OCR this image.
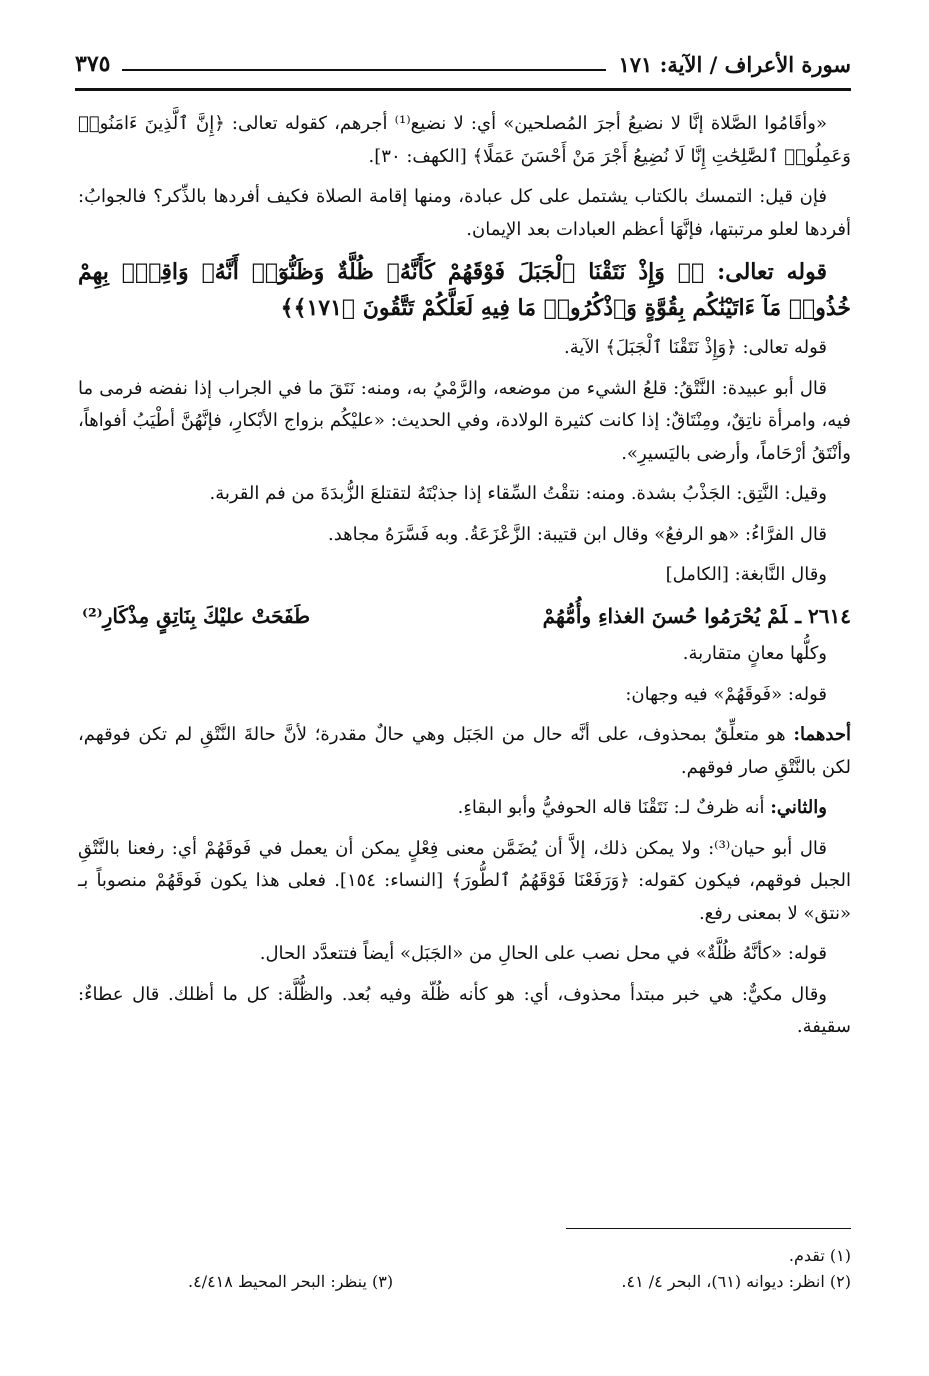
سورة الأعراف / الآية: ١٧١
٣٧٥

«وأقَامُوا الصَّلاة إنَّا لا نضيعُ أجرَ المُصلحين» أي: لا نضيع⁽¹⁾ أجرهم، كقوله تعالى: ﴿إِنَّ ٱلَّذِينَ ءَامَنُوا۟ وَعَمِلُوا۟ ٱلصَّٰلِحَٰتِ إِنَّا لَا نُضِيعُ أَجْرَ مَنْ أَحْسَنَ عَمَلًا﴾ [الكهف: ٣٠].

فإن قيل: التمسك بالكتاب يشتمل على كل عبادة، ومنها إقامة الصلاة فكيف أفردها بالذِّكر؟ فالجوابُ: أفردها لعلو مرتبتها، فإنَّهَا أعظم العبادات بعد الإيمان.

قوله تعالى: ﴿۞ وَإِذْ نَتَقْنَا ٱلْجَبَلَ فَوْقَهُمْ كَأَنَّهُۥ ظُلَّةٌ وَظَنُّوٓا۟ أَنَّهُۥ وَاقِعٌۢ بِهِمْ خُذُوا۟ مَآ ءَاتَيْنَٰكُم بِقُوَّةٍ وَٱذْكُرُوا۟ مَا فِيهِ لَعَلَّكُمْ تَتَّقُونَ ﴿١٧١﴾﴾

قوله تعالى: ﴿وَإِذْ نَتَقْنَا ٱلْجَبَلَ﴾ الآية.

قال أبو عبيدة: النَّتْقُ: قلعُ الشيء من موضعه، والرَّمْيُ به، ومنه: نَتَقَ ما في الجراب إذا نفضه فرمى ما فيه، وامرأة ناتِقٌ، ومِنْتَاقٌ: إذا كانت كثيرة الولادة، وفي الحديث: «عليْكُم بزواج الأبْكارِ، فإنَّهُنَّ أطْيَبُ أفواهاً، وأنْتَقُ أرْحَاماً، وأرضى باليَسيرِ».

وقيل: النَّتِق: الجَذْبُ بشدة. ومنه: نتقْتُ السِّقاء إذا جذبْتَهُ لتقتلعَ الزُّبدَةَ من فم القربة.

قال الفرَّاءُ: «هو الرفعُ» وقال ابن قتيبة: الزَّعْزَعَةُ. وبه فَسَّرَهُ مجاهد.

وقال النَّابغة: [الكامل]

٢٦١٤ ـلَمْ يُحْرَمُوا حُسنَ الغذاءِ وأُمُّهُمْ
طَفَحَتْ عليْكَ بِنَاتِقٍ مِذْكَارِ⁽²⁾

وكلُّها معانٍ متقاربة.

قوله: «فَوقَهُمْ» فيه وجهان:

أحدهما: هو متعلِّقٌ بمحذوف، على أنَّه حال من الجَبَل وهي حالٌ مقدرة؛ لأنَّ حالةَ النَّتْقِ لم تكن فوقهم، لكن بالنَّتْقِ صار فوقهم.

والثاني: أنه ظرفٌ لـ: نَتَقْنَا قاله الحوفيُّ وأبو البقاءِ.

قال أبو حيان⁽³⁾: ولا يمكن ذلك، إلاَّ أن يُضَمَّن معنى فِعْلٍ يمكن أن يعمل في فَوقَهُمْ أي: رفعنا بالنَّتْقِ الجبل فوقهم، فيكون كقوله: ﴿وَرَفَعْنَا فَوْقَهُمُ ٱلطُّورَ﴾ [النساء: ١٥٤]. فعلى هذا يكون فَوقَهُمْ منصوباً بـ «نتق» لا بمعنى رفع.

قوله: «كأنَّهُ ظُلَّةٌ» في محل نصب على الحالِ من «الجَبَل» أيضاً فتتعدَّد الحال.

وقال مكيٌّ: هي خبر مبتدأ محذوف، أي: هو كأنه ظُلّة وفيه بُعد. والظُّلَّة: كل ما أظلك. قال عطاءٌ: سقيفة.

(١) تقدم.
(٢) انظر: ديوانه (٦١)، البحر ٤/ ٤١.
(٣) ينظر: البحر المحيط ٤/٤١٨.
